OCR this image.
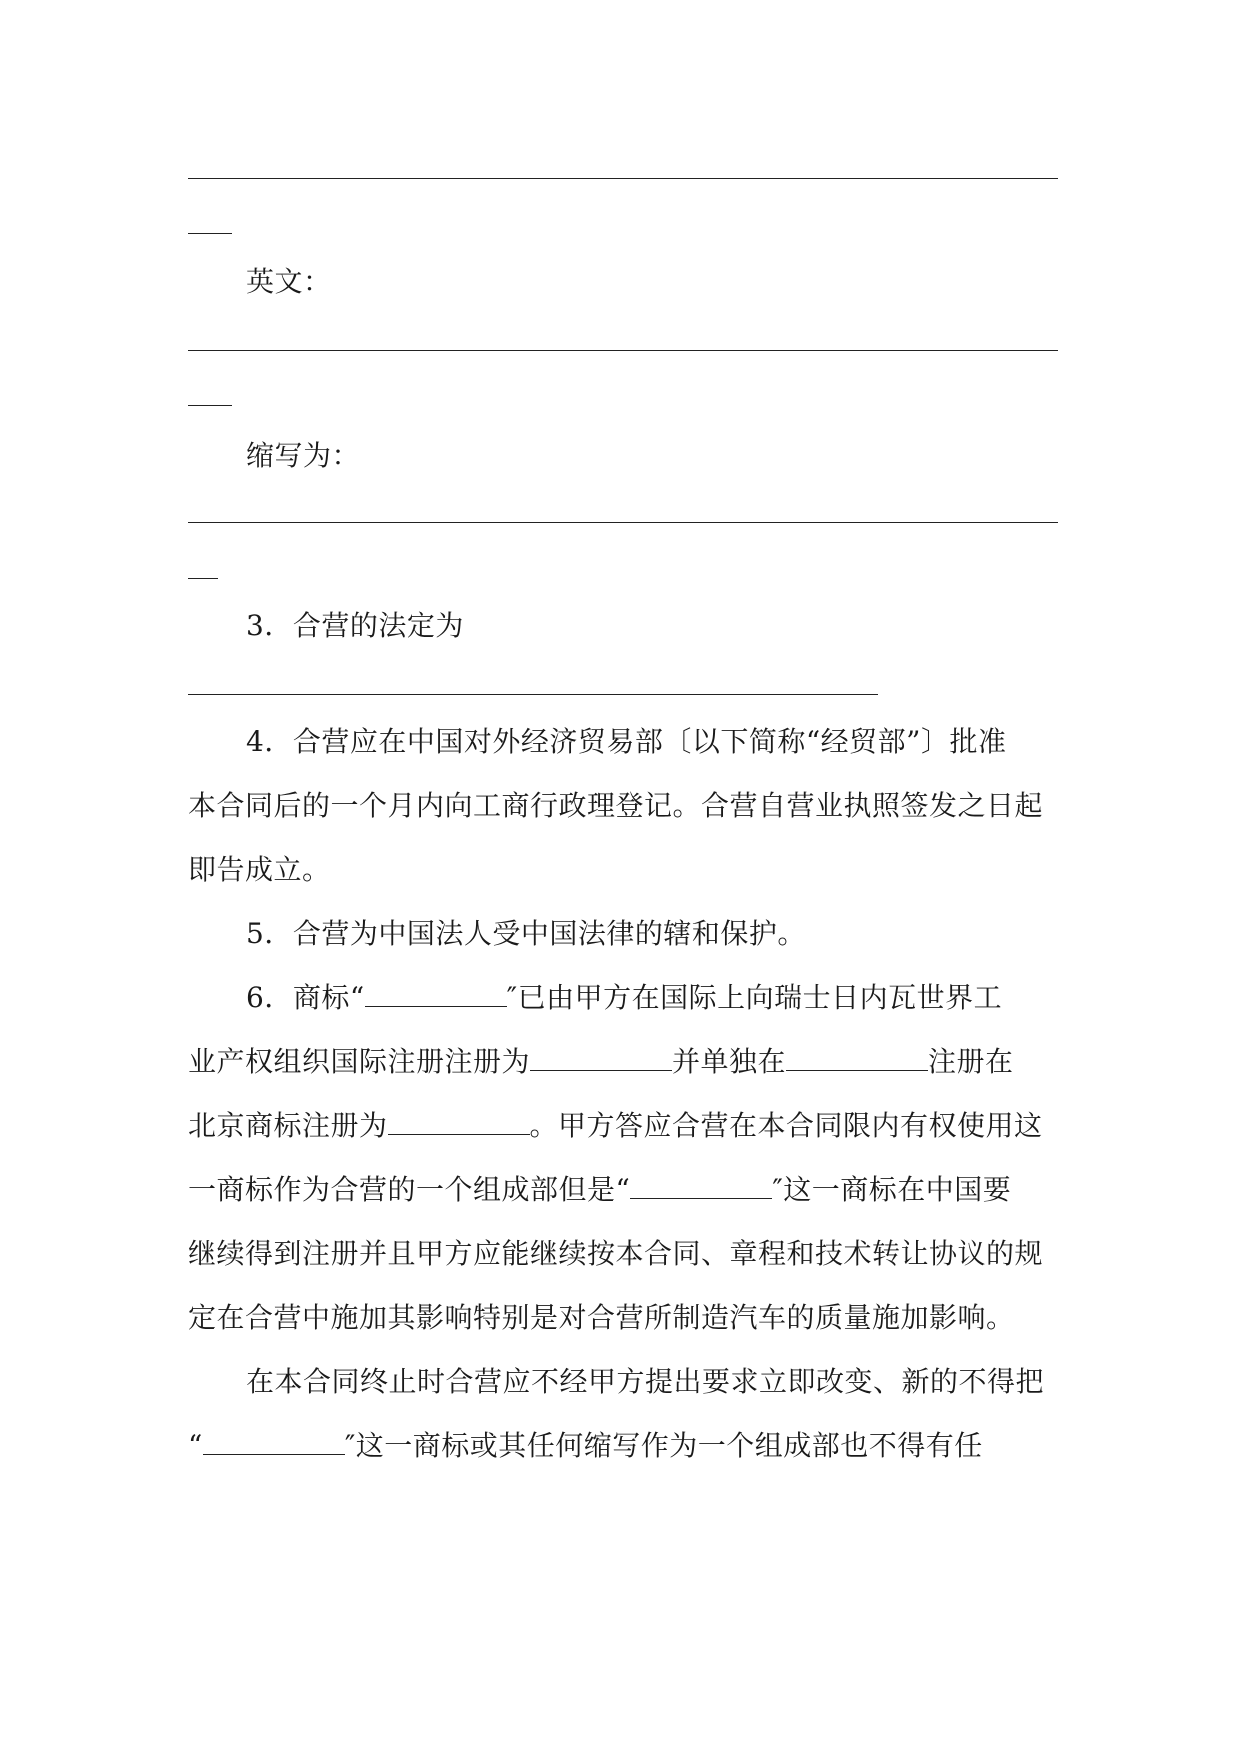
英文：
缩写为：
3．合营的法定为
4．合营应在中国对外经济贸易部〔以下简称“经贸部”〕批准
本合同后的一个月内向工商行政理登记。合营自营业执照签发之日起
即告成立。
5．合营为中国法人受中国法律的辖和保护。
6．商标“	″已由甲方在国际上向瑞士日内瓦世界工
业产权组织国际注册注册为	并单独在	注册在
北京商标注册为	。甲方答应合营在本合同限内有权使用这
一商标作为合营的一个组成部但是“	″这一商标在中国要
继续得到注册并且甲方应能继续按本合同、章程和技术转让协议的规
定在合营中施加其影响特别是对合营所制造汽车的质量施加影响。
在本合同终止时合营应不经甲方提出要求立即改变、新的不得把
“	″这一商标或其任何缩写作为一个组成部也不得有任
